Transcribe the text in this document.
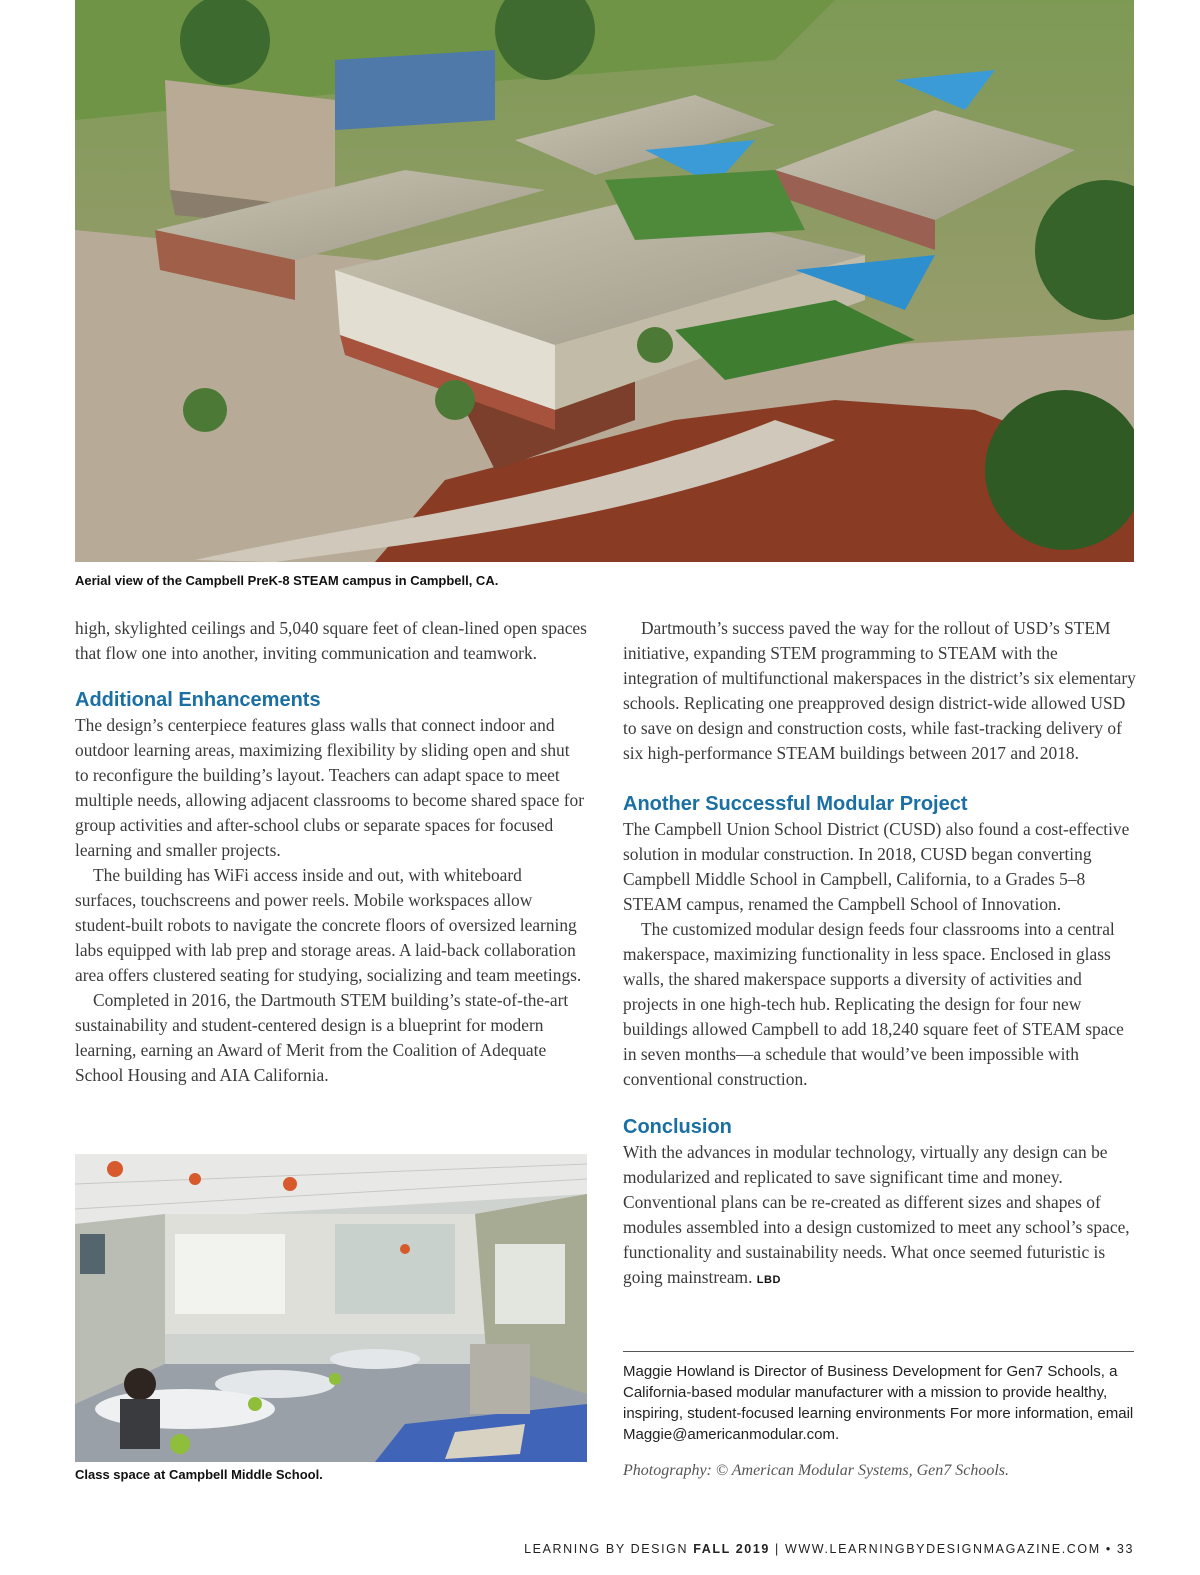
Aerial view of the Campbell PreK-8 STEAM campus in Campbell, CA.

high, skylighted ceilings and 5,040 square feet of clean-lined open spaces that flow one into another, inviting communication and teamwork.

Additional Enhancements

The design’s centerpiece features glass walls that connect indoor and outdoor learning areas, maximizing flexibility by sliding open and shut to reconfigure the building’s layout. Teachers can adapt space to meet multiple needs, allowing adjacent classrooms to become shared space for group activities and after-school clubs or separate spaces for focused learning and smaller projects.

The building has WiFi access inside and out, with whiteboard surfaces, touchscreens and power reels. Mobile workspaces allow student-built robots to navigate the concrete floors of oversized learning labs equipped with lab prep and storage areas. A laid-back collaboration area offers clustered seating for studying, socializing and team meetings.

Completed in 2016, the Dartmouth STEM building’s state-of-the-art sustainability and student-centered design is a blueprint for modern learning, earning an Award of Merit from the Coalition of Adequate School Housing and AIA California.

Class space at Campbell Middle School.

Dartmouth’s success paved the way for the rollout of USD’s STEM initiative, expanding STEM programming to STEAM with the integration of multifunctional makerspaces in the district’s six elementary schools. Replicating one preapproved design district-wide allowed USD to save on design and construction costs, while fast-tracking delivery of six high-performance STEAM buildings between 2017 and 2018.

Another Successful Modular Project

The Campbell Union School District (CUSD) also found a cost-effective solution in modular construction. In 2018, CUSD began converting Campbell Middle School in Campbell, California, to a Grades 5–8 STEAM campus, renamed the Campbell School of Innovation.

The customized modular design feeds four classrooms into a central makerspace, maximizing functionality in less space. Enclosed in glass walls, the shared makerspace supports a diversity of activities and projects in one high-tech hub. Replicating the design for four new buildings allowed Campbell to add 18,240 square feet of STEAM space in seven months—a schedule that would’ve been impossible with conventional construction.

Conclusion

With the advances in modular technology, virtually any design can be modularized and replicated to save significant time and money. Conventional plans can be re-created as different sizes and shapes of modules assembled into a design customized to meet any school’s space, functionality and sustainability needs. What once seemed futuristic is going mainstream. LBD

Maggie Howland is Director of Business Development for Gen7 Schools, a California-based modular manufacturer with a mission to provide healthy, inspiring, student-focused learning environments For more information, email Maggie@americanmodular.com.
Photography: © American Modular Systems, Gen7 Schools.
LEARNING BY DESIGN FALL 2019 | WWW.LEARNINGBYDESIGNMAGAZINE.COM • 33
